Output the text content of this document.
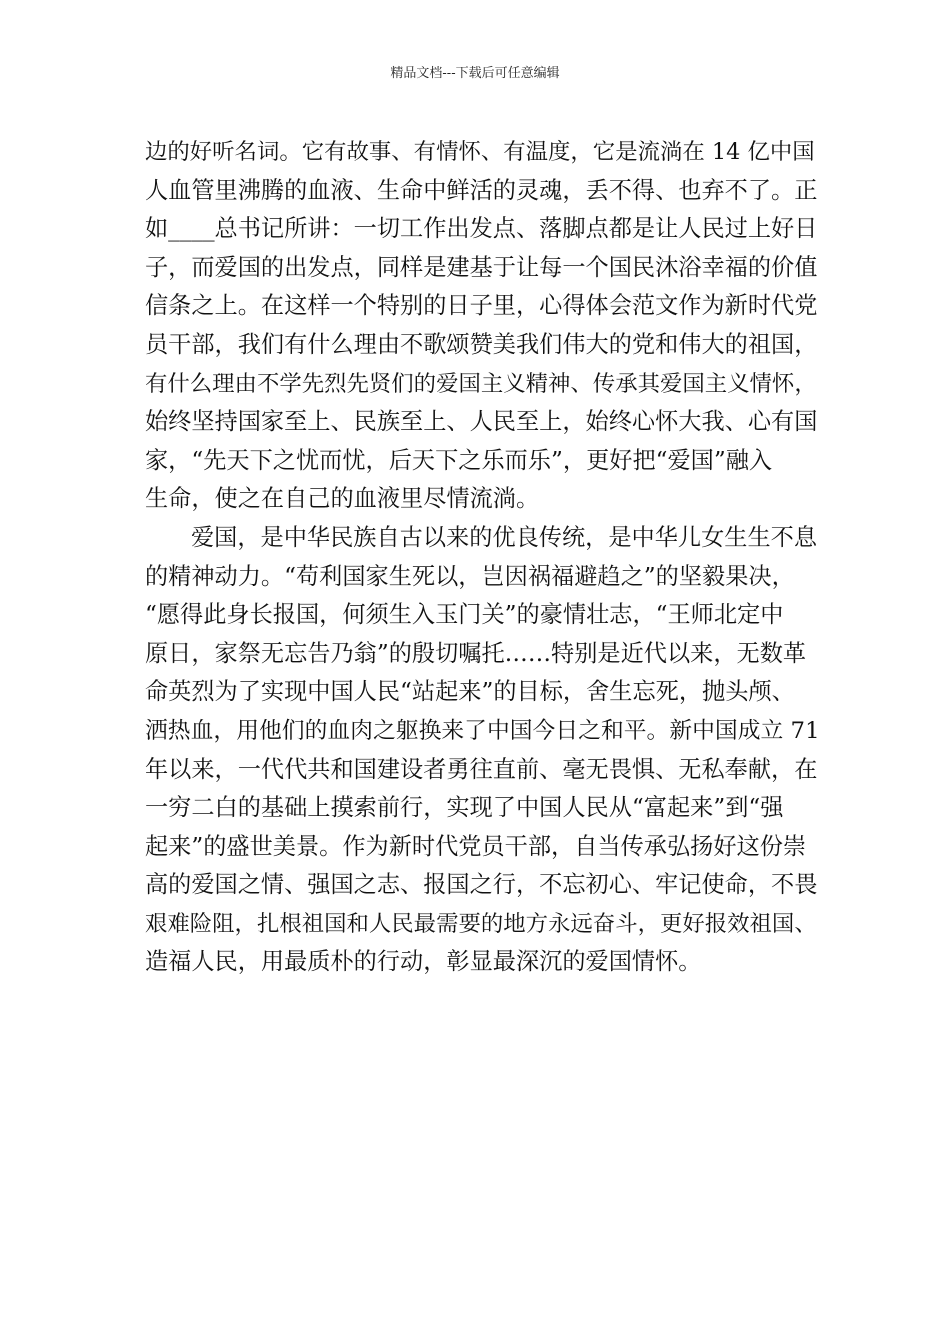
精品文档---下载后可任意编辑
边的好听名词。它有故事、有情怀、有温度，它是流淌在 14 亿中国
人血管里沸腾的血液、生命中鲜活的灵魂，丢不得、也弃不了。正
如____总书记所讲：一切工作出发点、落脚点都是让人民过上好日
子，而爱国的出发点，同样是建基于让每一个国民沐浴幸福的价值
信条之上。在这样一个特别的日子里，心得体会范文作为新时代党
员干部，我们有什么理由不歌颂赞美我们伟大的党和伟大的祖国，
有什么理由不学先烈先贤们的爱国主义精神、传承其爱国主义情怀，
始终坚持国家至上、民族至上、人民至上，始终心怀大我、心有国
家，“先天下之忧而忧，后天下之乐而乐”，更好把“爱国”融入
生命，使之在自己的血液里尽情流淌。
爱国，是中华民族自古以来的优良传统，是中华儿女生生不息
的精神动力。“苟利国家生死以，岂因祸福避趋之”的坚毅果决，
“愿得此身长报国，何须生入玉门关”的豪情壮志，“王师北定中
原日，家祭无忘告乃翁”的殷切嘱托……特别是近代以来，无数革
命英烈为了实现中国人民“站起来”的目标，舍生忘死，抛头颅、
洒热血，用他们的血肉之躯换来了中国今日之和平。新中国成立 71
年以来，一代代共和国建设者勇往直前、毫无畏惧、无私奉献，在
一穷二白的基础上摸索前行，实现了中国人民从“富起来”到“强
起来”的盛世美景。作为新时代党员干部，自当传承弘扬好这份崇
高的爱国之情、强国之志、报国之行，不忘初心、牢记使命，不畏
艰难险阻，扎根祖国和人民最需要的地方永远奋斗，更好报效祖国、
造福人民，用最质朴的行动，彰显最深沉的爱国情怀。
